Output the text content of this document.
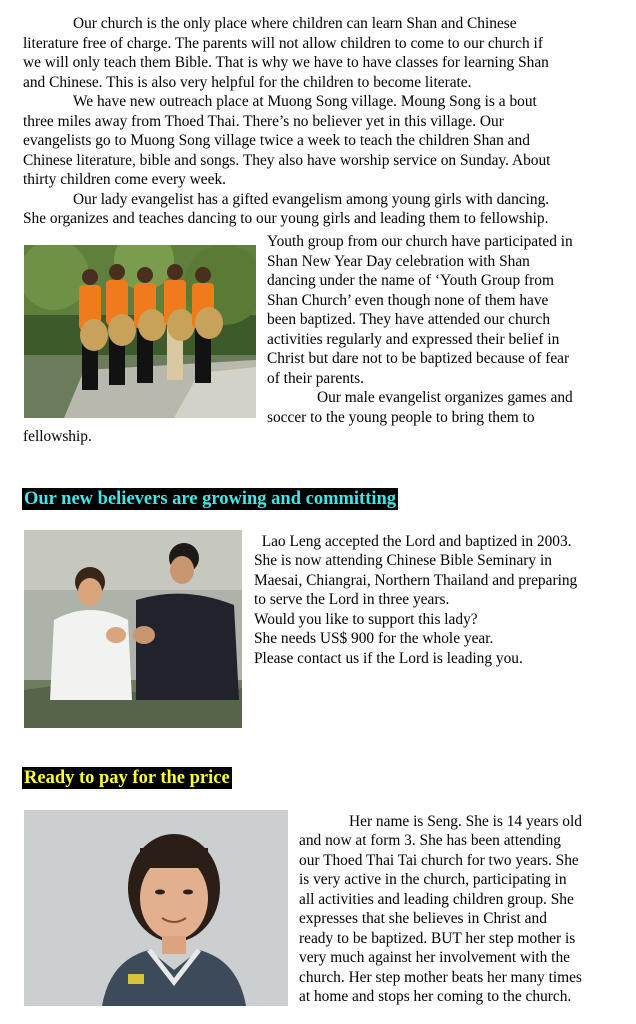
Our church is the only place where children can learn Shan and Chinese

literature free of charge. The parents will not allow children to come to our church if

we will only teach them Bible. That is why we have to have classes for learning Shan

and Chinese. This is also very helpful for the children to become literate.

We have new outreach place at Muong Song village. Moung Song is a bout

three miles away from Thoed Thai. There’s no believer yet in this village. Our

evangelists go to Muong Song village twice a week to teach the children Shan and

Chinese literature, bible and songs. They also have worship service on Sunday. About

thirty children come every week.

Our lady evangelist has a gifted evangelism among young girls with dancing.

She organizes and teaches dancing to our young girls and leading them to fellowship.

Youth group from our church have participated in

Shan New Year Day celebration with Shan

dancing under the name of ‘Youth Group from

Shan Church’ even though none of them have

been baptized. They have attended our church

activities regularly and expressed their belief in

Christ but dare not to be baptized because of fear

of their parents.

Our male evangelist organizes games and

soccer to the young people to bring them to

fellowship.

Our new believers are growing and committing

Lao Leng accepted the Lord and baptized in 2003.

She is now attending Chinese Bible Seminary in

Maesai, Chiangrai, Northern Thailand and preparing

to serve the Lord in three years.

Would you like to support this lady?

She needs US$ 900 for the whole year.

Please contact us if the Lord is leading you.

Ready to pay for the price

Her name is Seng. She is 14 years old

and now at form 3. She has been attending

our Thoed Thai Tai church for two years. She

is very active in the church, participating in

all activities and leading children group. She

expresses that she believes in Christ and

ready to be baptized. BUT her step mother is

very much against her involvement with the

church. Her step mother beats her many times

at home and stops her coming to the church.
